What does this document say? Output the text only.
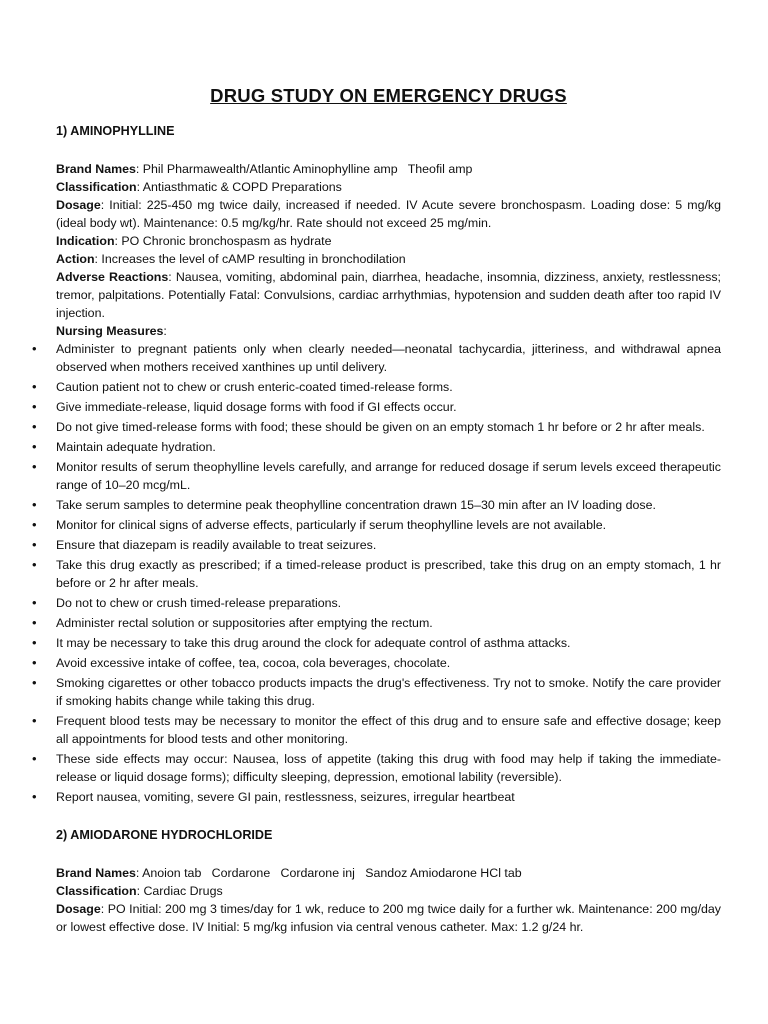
DRUG STUDY ON EMERGENCY DRUGS
1) AMINOPHYLLINE

Brand Names: Phil Pharmawealth/Atlantic Aminophylline amp   Theofil amp

Classification: Antiasthmatic & COPD Preparations

Dosage: Initial: 225-450 mg twice daily, increased if needed. IV Acute severe bronchospasm. Loading dose: 5 mg/kg (ideal body wt). Maintenance: 0.5 mg/kg/hr. Rate should not exceed 25 mg/min.

Indication: PO Chronic bronchospasm as hydrate

Action: Increases the level of cAMP resulting in bronchodilation

Adverse Reactions: Nausea, vomiting, abdominal pain, diarrhea, headache, insomnia, dizziness, anxiety, restlessness; tremor, palpitations. Potentially Fatal: Convulsions, cardiac arrhythmias, hypotension and sudden death after too rapid IV injection.

Nursing Measures:

• Administer to pregnant patients only when clearly needed—neonatal tachycardia, jitteriness, and withdrawal apnea observed when mothers received xanthines up until delivery.
• Caution patient not to chew or crush enteric-coated timed-release forms.
• Give immediate-release, liquid dosage forms with food if GI effects occur.
• Do not give timed-release forms with food; these should be given on an empty stomach 1 hr before or 2 hr after meals.
• Maintain adequate hydration.
• Monitor results of serum theophylline levels carefully, and arrange for reduced dosage if serum levels exceed therapeutic range of 10–20 mcg/mL.
• Take serum samples to determine peak theophylline concentration drawn 15–30 min after an IV loading dose.
• Monitor for clinical signs of adverse effects, particularly if serum theophylline levels are not available.
• Ensure that diazepam is readily available to treat seizures.
• Take this drug exactly as prescribed; if a timed-release product is prescribed, take this drug on an empty stomach, 1 hr before or 2 hr after meals.
• Do not to chew or crush timed-release preparations.
• Administer rectal solution or suppositories after emptying the rectum.
• It may be necessary to take this drug around the clock for adequate control of asthma attacks.
• Avoid excessive intake of coffee, tea, cocoa, cola beverages, chocolate.
• Smoking cigarettes or other tobacco products impacts the drug's effectiveness. Try not to smoke. Notify the care provider if smoking habits change while taking this drug.
• Frequent blood tests may be necessary to monitor the effect of this drug and to ensure safe and effective dosage; keep all appointments for blood tests and other monitoring.
• These side effects may occur: Nausea, loss of appetite (taking this drug with food may help if taking the immediate-release or liquid dosage forms); difficulty sleeping, depression, emotional lability (reversible).
• Report nausea, vomiting, severe GI pain, restlessness, seizures, irregular heartbeat
2) AMIODARONE HYDROCHLORIDE

Brand Names: Anoion tab   Cordarone   Cordarone inj   Sandoz Amiodarone HCl tab

Classification: Cardiac Drugs

Dosage: PO Initial: 200 mg 3 times/day for 1 wk, reduce to 200 mg twice daily for a further wk. Maintenance: 200 mg/day or lowest effective dose. IV Initial: 5 mg/kg infusion via central venous catheter. Max: 1.2 g/24 hr.
